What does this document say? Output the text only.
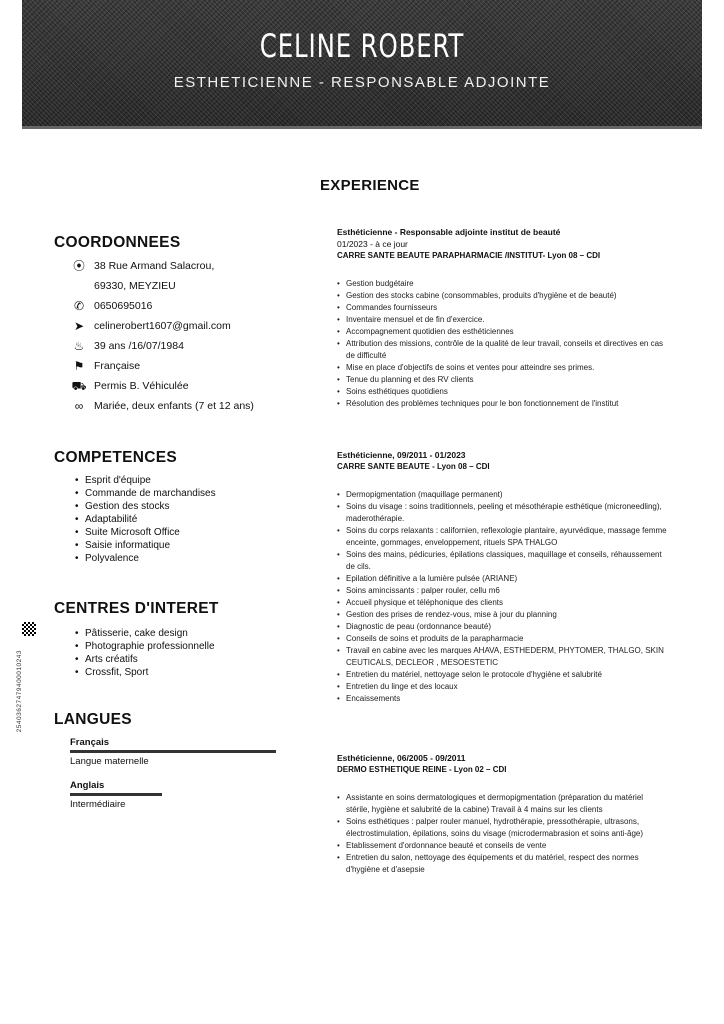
CELINE ROBERT
ESTHETICIENNE - RESPONSABLE ADJOINTE
COORDONNEES
⦿ 38 Rue Armand Salacrou,
69330, MEYZIEU
✆ 0650695016
➤ celinerobert1607@gmail.com
♨ 39 ans /16/07/1984
⚑ Française
⛟ Permis B. Véhiculée
∞	Mariée, deux enfants (7 et 12 ans)
COMPETENCES
• Esprit d'équipe
• Commande de marchandises
• Gestion des stocks
• Adaptabilité
• Suite Microsoft Office
• Saisie informatique
• Polyvalence
CENTRES D'INTERET
• Pâtisserie, cake design
• Photographie professionnelle
• Arts créatifs
• Crossfit, Sport
LANGUES
Français
Langue maternelle
Anglais
Intermédiaire
25403627479400010243
EXPERIENCE
Esthéticienne - Responsable adjointe institut de beauté
01/2023 - à ce jour
CARRE SANTE BEAUTE PARAPHARMACIE /INSTITUT- Lyon 08 – CDI
• Gestion budgétaire
• Gestion des stocks cabine (consommables, produits d'hygiène et de beauté)
• Commandes fournisseurs
• Inventaire mensuel et de fin d'exercice.
• Accompagnement quotidien des esthéticiennes
• Attribution des missions, contrôle de la qualité de leur travail, conseils et directives en cas de difficulté
• Mise en place d'objectifs de soins et ventes pour atteindre ses primes.
• Tenue du planning et des RV clients
• Soins esthétiques quotidiens
• Résolution des problèmes techniques pour le bon fonctionnement de l'institut
Esthéticienne, 09/2011 - 01/2023
CARRE SANTE BEAUTE - Lyon 08 – CDI
• Dermopigmentation (maquillage permanent)
• Soins du visage : soins traditionnels, peeling et mésothérapie esthétique (microneedling), maderothérapie.
• Soins du corps relaxants : californien, reflexologie plantaire, ayurvédique, massage femme enceinte, gommages, enveloppement, rituels SPA THALGO
• Soins des mains, pédicuries, épilations classiques, maquillage et conseils, réhaussement de cils.
• Epilation définitive a la lumière pulsée (ARIANE)
• Soins amincissants : palper rouler, cellu m6
• Accueil physique et téléphonique des clients
• Gestion des prises de rendez-vous, mise à jour du planning
• Diagnostic de peau (ordonnance beauté)
• Conseils de soins et produits de la parapharmacie
• Travail en cabine avec les marques AHAVA, ESTHEDERM, PHYTOMER, THALGO, SKIN CEUTICALS, DECLEOR , MESOESTETIC
• Entretien du matériel, nettoyage selon le protocole d'hygiène et salubrité
• Entretien du linge et des locaux
• Encaissements
Esthéticienne, 06/2005 - 09/2011
DERMO ESTHETIQUE REINE - Lyon 02 – CDI
• Assistante en soins dermatologiques et dermopigmentation (préparation du matériel stérile, hygiène et salubrité de la cabine) Travail à 4 mains sur les clients
• Soins esthétiques : palper rouler manuel, hydrothérapie, pressothérapie, ultrasons, électrostimulation, épilations, soins du visage (microdermabrasion et soins anti-âge)
• Etablissement d'ordonnance beauté et conseils de vente
• Entretien du salon, nettoyage des équipements et du matériel, respect des normes d'hygiène et d'asepsie
